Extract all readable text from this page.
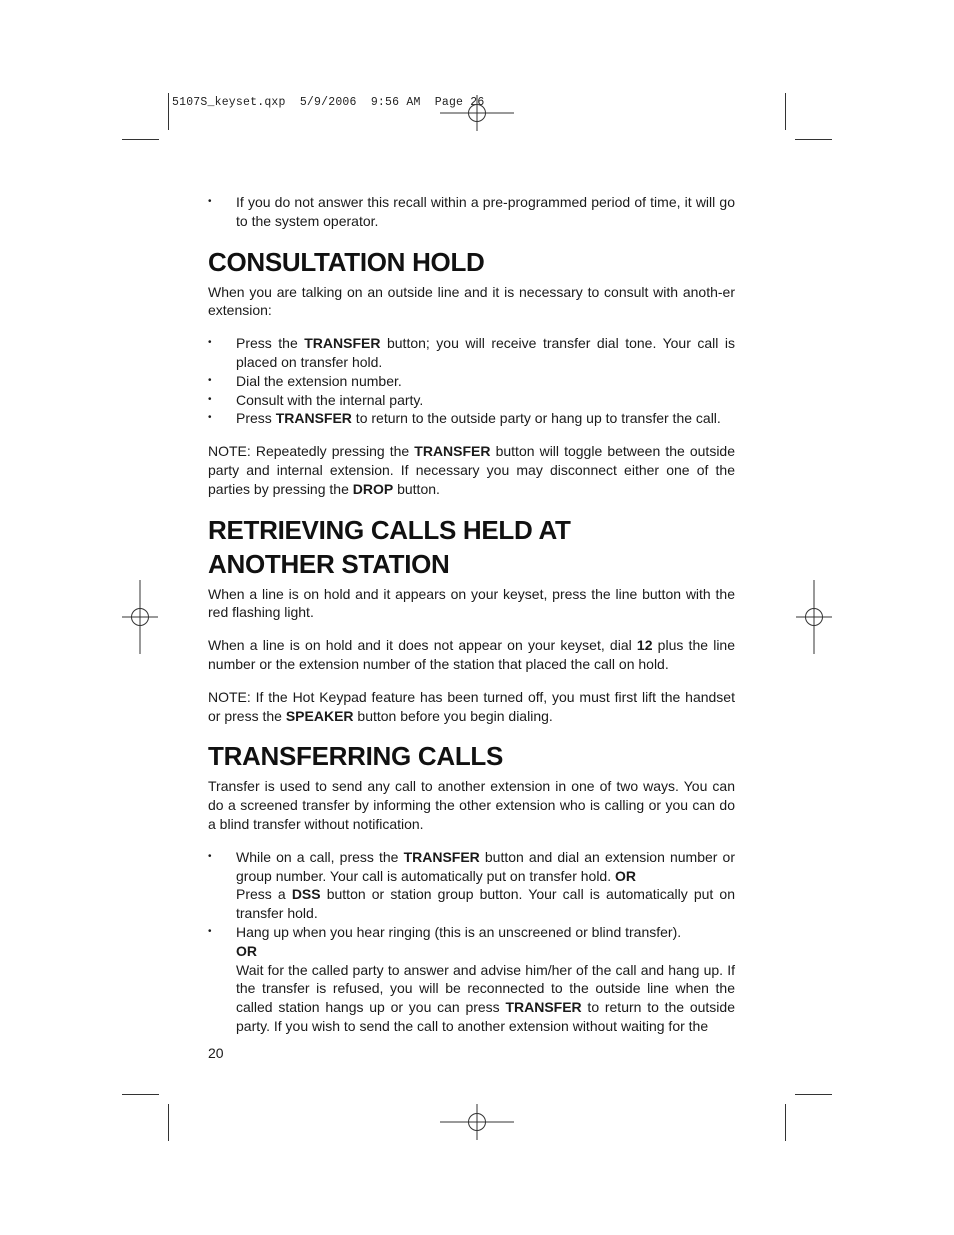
5107S_keyset.qxp  5/9/2006  9:56 AM  Page 26
• If you do not answer this recall within a pre-programmed period of time, it will go to the system operator.
CONSULTATION HOLD

When you are talking on an outside line and it is necessary to consult with anoth-er extension:

• Press the TRANSFER button; you will receive transfer dial tone. Your call is placed on transfer hold.
• Dial the extension number.
• Consult with the internal party.
• Press TRANSFER to return to the outside party or hang up to transfer the call.

NOTE: Repeatedly pressing the TRANSFER button will toggle between the outside party and internal extension. If necessary you may disconnect either one of the parties by pressing the DROP button.

RETRIEVING CALLS HELD AT
ANOTHER STATION

When a line is on hold and it appears on your keyset, press the line button with the red flashing light.

When a line is on hold and it does not appear on your keyset, dial 12 plus the line number or the extension number of the station that placed the call on hold.

NOTE: If the Hot Keypad feature has been turned off, you must first lift the handset or press the SPEAKER button before you begin dialing.

TRANSFERRING CALLS

Transfer is used to send any call to another extension in one of two ways. You can do a screened transfer by informing the other extension who is calling or you can do a blind transfer without notification.

• While on a call, press the TRANSFER button and dial an extension number or group number. Your call is automatically put on transfer hold. OR
Press a DSS button or station group button. Your call is automatically put on transfer hold.
• Hang up when you hear ringing (this is an unscreened or blind transfer).
OR
Wait for the called party to answer and advise him/her of the call and hang up. If the transfer is refused, you will be reconnected to the outside line when the called station hangs up or you can press TRANSFER to return to the outside party. If you wish to send the call to another extension without waiting for the
20
